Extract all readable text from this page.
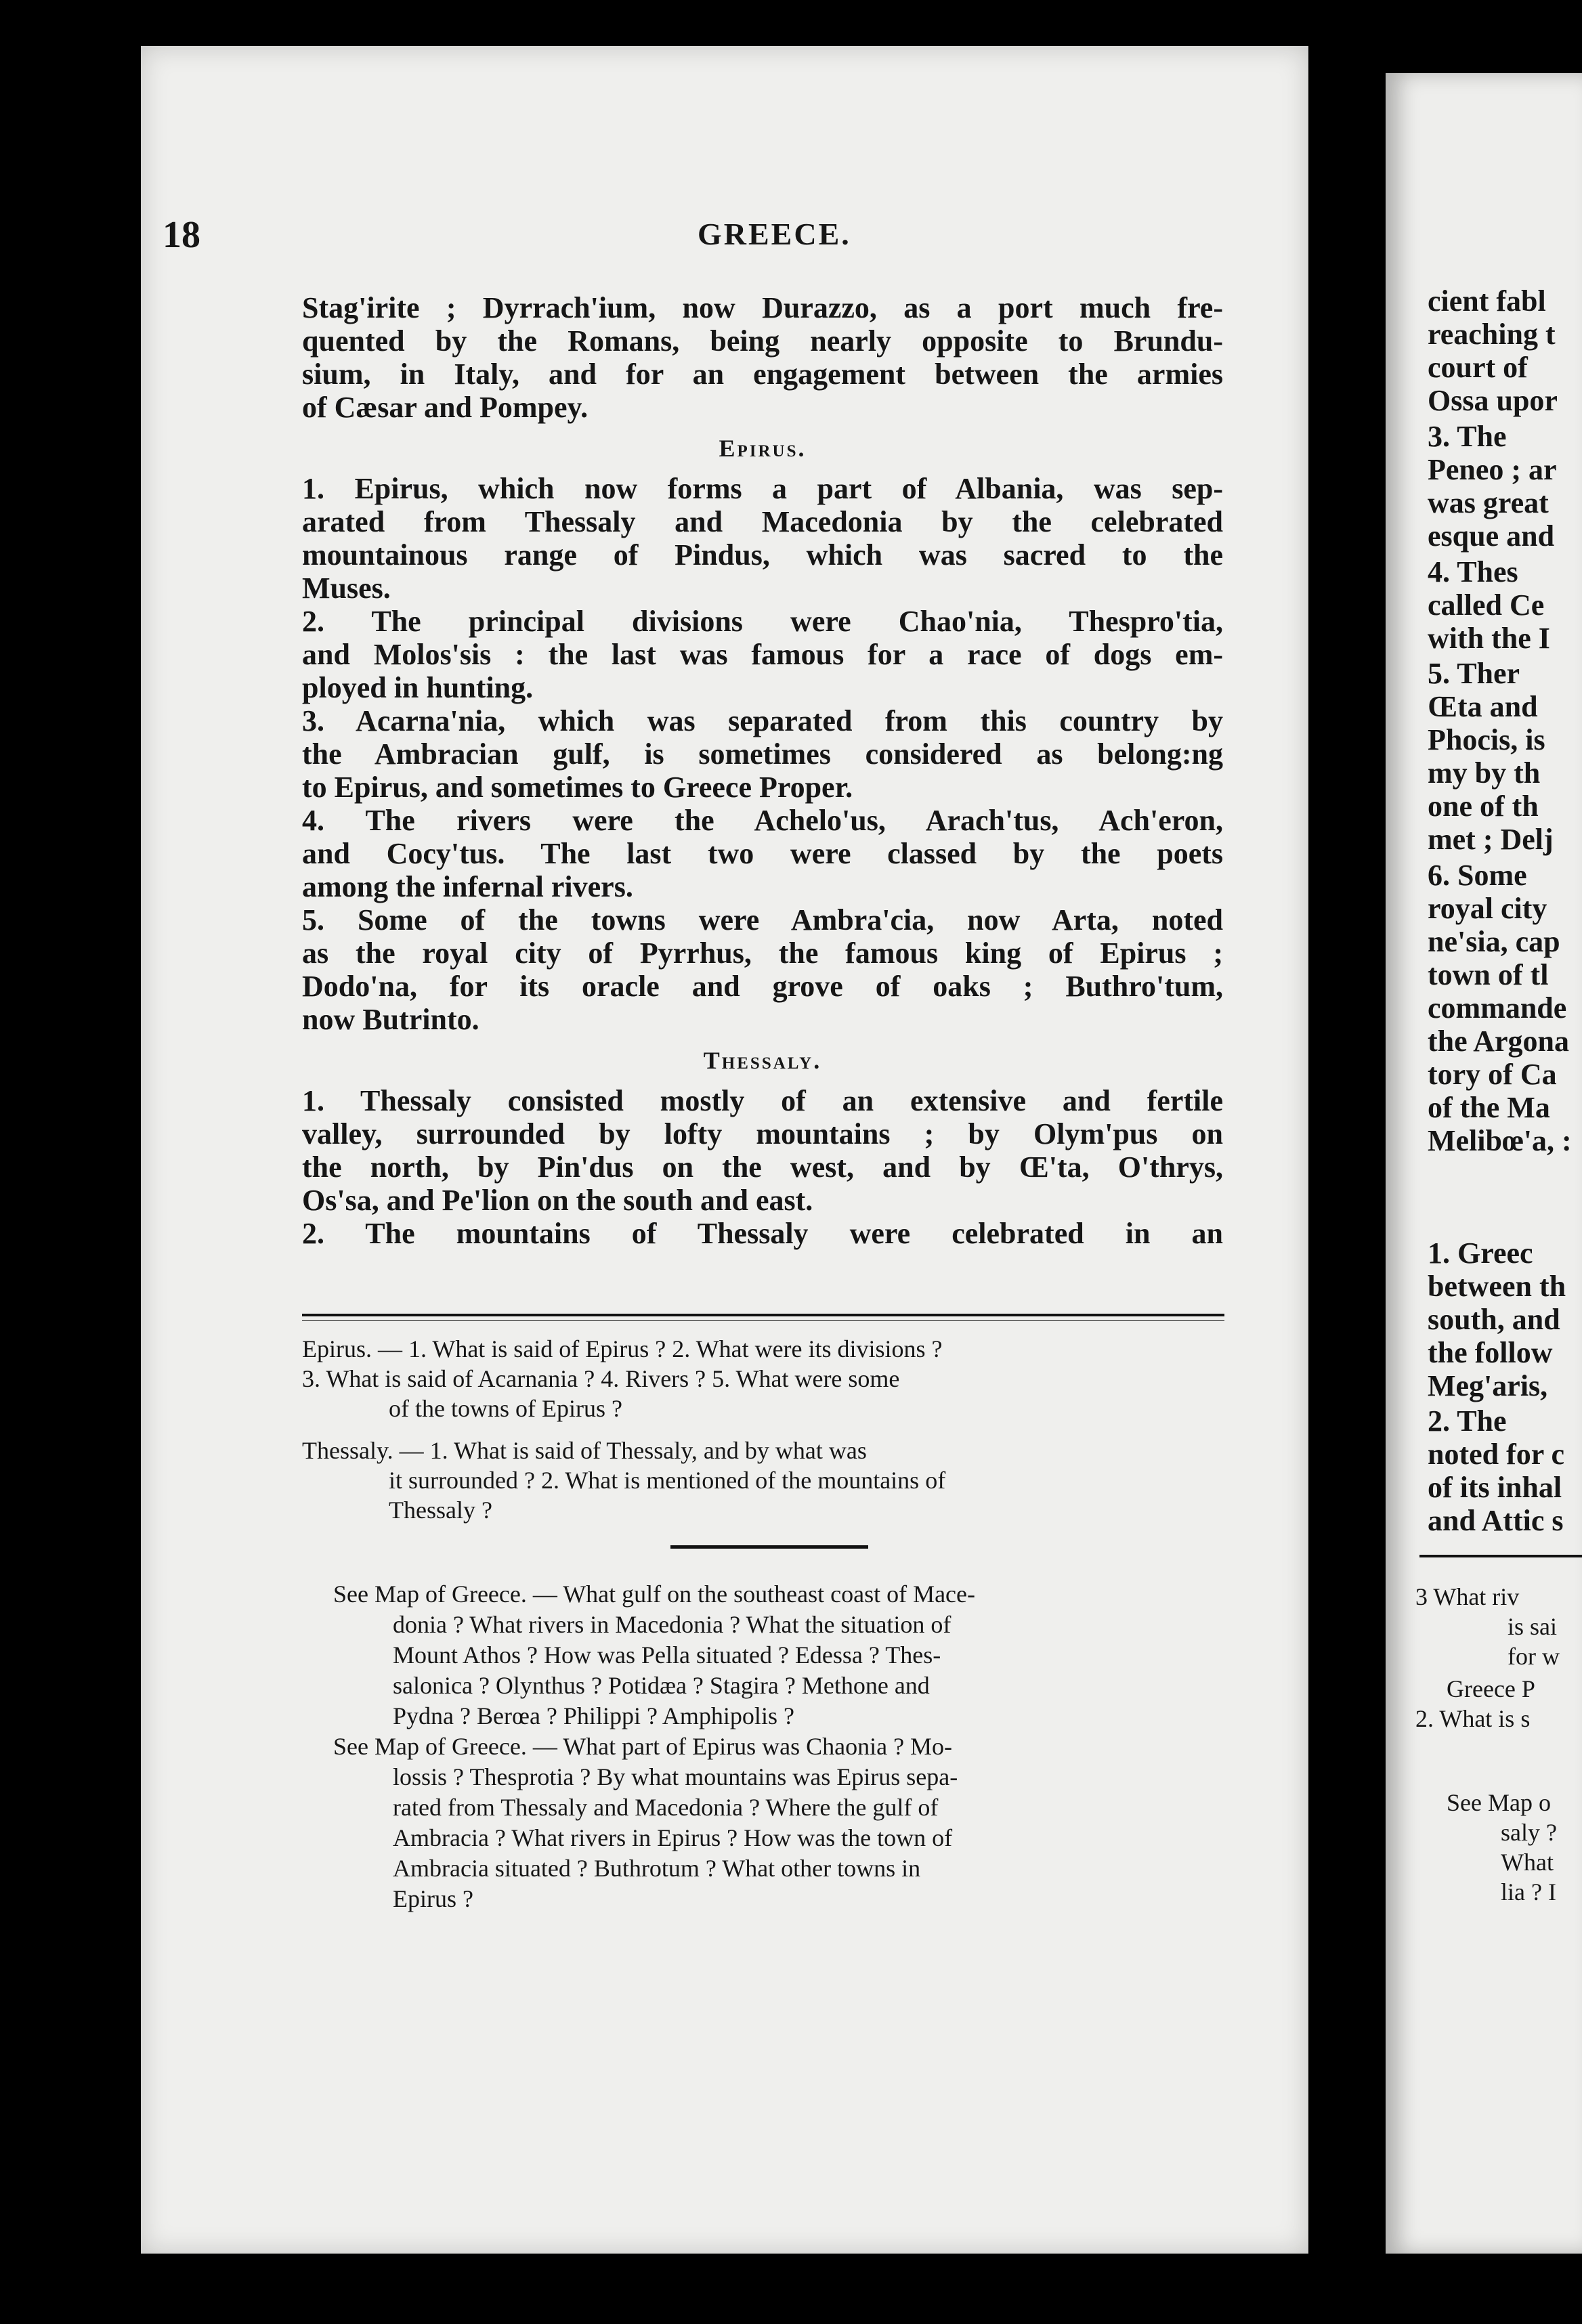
18	GREECE.
Stag'irite ; Dyrrach'ium, now Durazzo, as a port much fre-
quented by the Romans, being nearly opposite to Brundu-
sium, in Italy, and for an engagement between the armies
of Cæsar and Pompey.
Epirus.
1. Epirus, which now forms a part of Albania, was sep-
arated from Thessaly and Macedonia by the celebrated
mountainous range of Pindus, which was sacred to the
Muses.
2. The principal divisions were Chao'nia, Thespro'tia,
and Molos'sis : the last was famous for a race of dogs em-
ployed in hunting.
3. Acarna'nia, which was separated from this country by
the Ambracian gulf, is sometimes considered as belong:ng
to Epirus, and sometimes to Greece Proper.
4. The rivers were the Achelo'us, Arach'tus, Ach'eron,
and Cocy'tus. The last two were classed by the poets
among the infernal rivers.
5. Some of the towns were Ambra'cia, now Arta, noted
as the royal city of Pyrrhus, the famous king of Epirus ;
Dodo'na, for its oracle and grove of oaks ; Buthro'tum,
now Butrinto.
Thessaly.
1. Thessaly consisted mostly of an extensive and fertile
valley, surrounded by lofty mountains ; by Olym'pus on
the north, by Pin'dus on the west, and by Œ'ta, O'thrys,
Os'sa, and Pe'lion on the south and east.
2. The mountains of Thessaly were celebrated in an
Epirus. — 1. What is said of Epirus ? 2. What were its divisions ?
3. What is said of Acarnania ? 4. Rivers ? 5. What were some
of the towns of Epirus ?
Thessaly. — 1. What is said of Thessaly, and by what was
it surrounded ? 2. What is mentioned of the mountains of
Thessaly ?
See Map of Greece. — What gulf on the southeast coast of Mace-
donia ? What rivers in Macedonia ? What the situation of
Mount Athos ? How was Pella situated ? Edessa ? Thes-
salonica ? Olynthus ? Potidæa ? Stagira ? Methone and
Pydna ? Berœa ? Philippi ? Amphipolis ?
See Map of Greece. — What part of Epirus was Chaonia ? Mo-
lossis ? Thesprotia ? By what mountains was Epirus sepa-
rated from Thessaly and Macedonia ? Where the gulf of
Ambracia ? What rivers in Epirus ? How was the town of
Ambracia situated ? Buthrotum ? What other towns in
Epirus ?
cient fabl
reaching t
court of
Ossa upor
3. The
Peneo ; ar
was great
esque and
4. Thes
called Ce
with the I
5. Ther
Œta and
Phocis, is
my by th
one of th
met ; Delj
6. Some
royal city
ne'sia, cap
town of tl
commande
the Argona
tory of Ca
of the Ma
Melibœ'a, :
1. Greec
between th
south, and
the follow
Meg'aris,
2. The
noted for c
of its inhal
and Attic s
3 What riv
is sai
for w
Greece P
2. What is s
See Map o
saly ?
What
lia ? I
